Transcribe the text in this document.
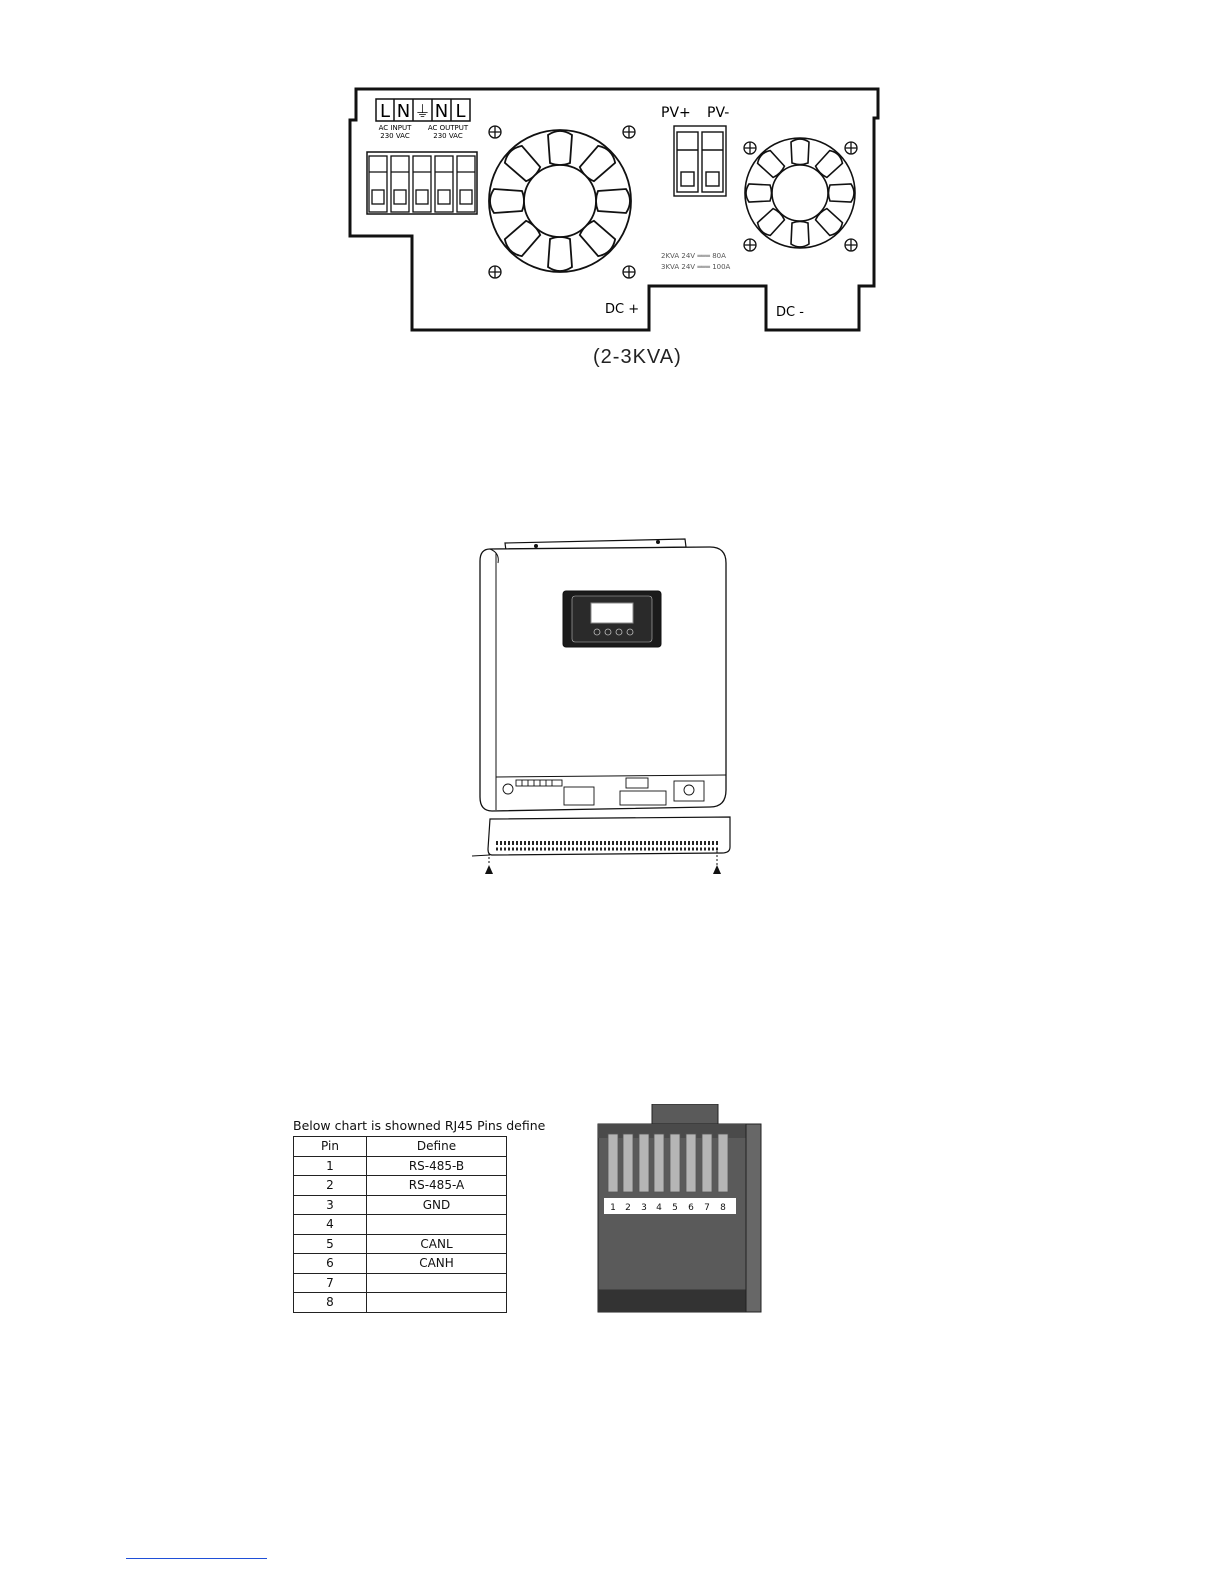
L N ⏚ N L
AC INPUT
230 VAC
AC OUTPUT
230 VAC
PV+ PV-
2KVA 24V ═══ 80A
3KVA 24V ═══ 100A
DC +	DC -
(2-3KVA)
Below chart is showned RJ45 Pins define
Pin	Define
1	RS-485-B
2	RS-485-A
3	GND
4	
5	CANL
6	CANH
7	
8	
1 2 3 4 5 6 7 8
